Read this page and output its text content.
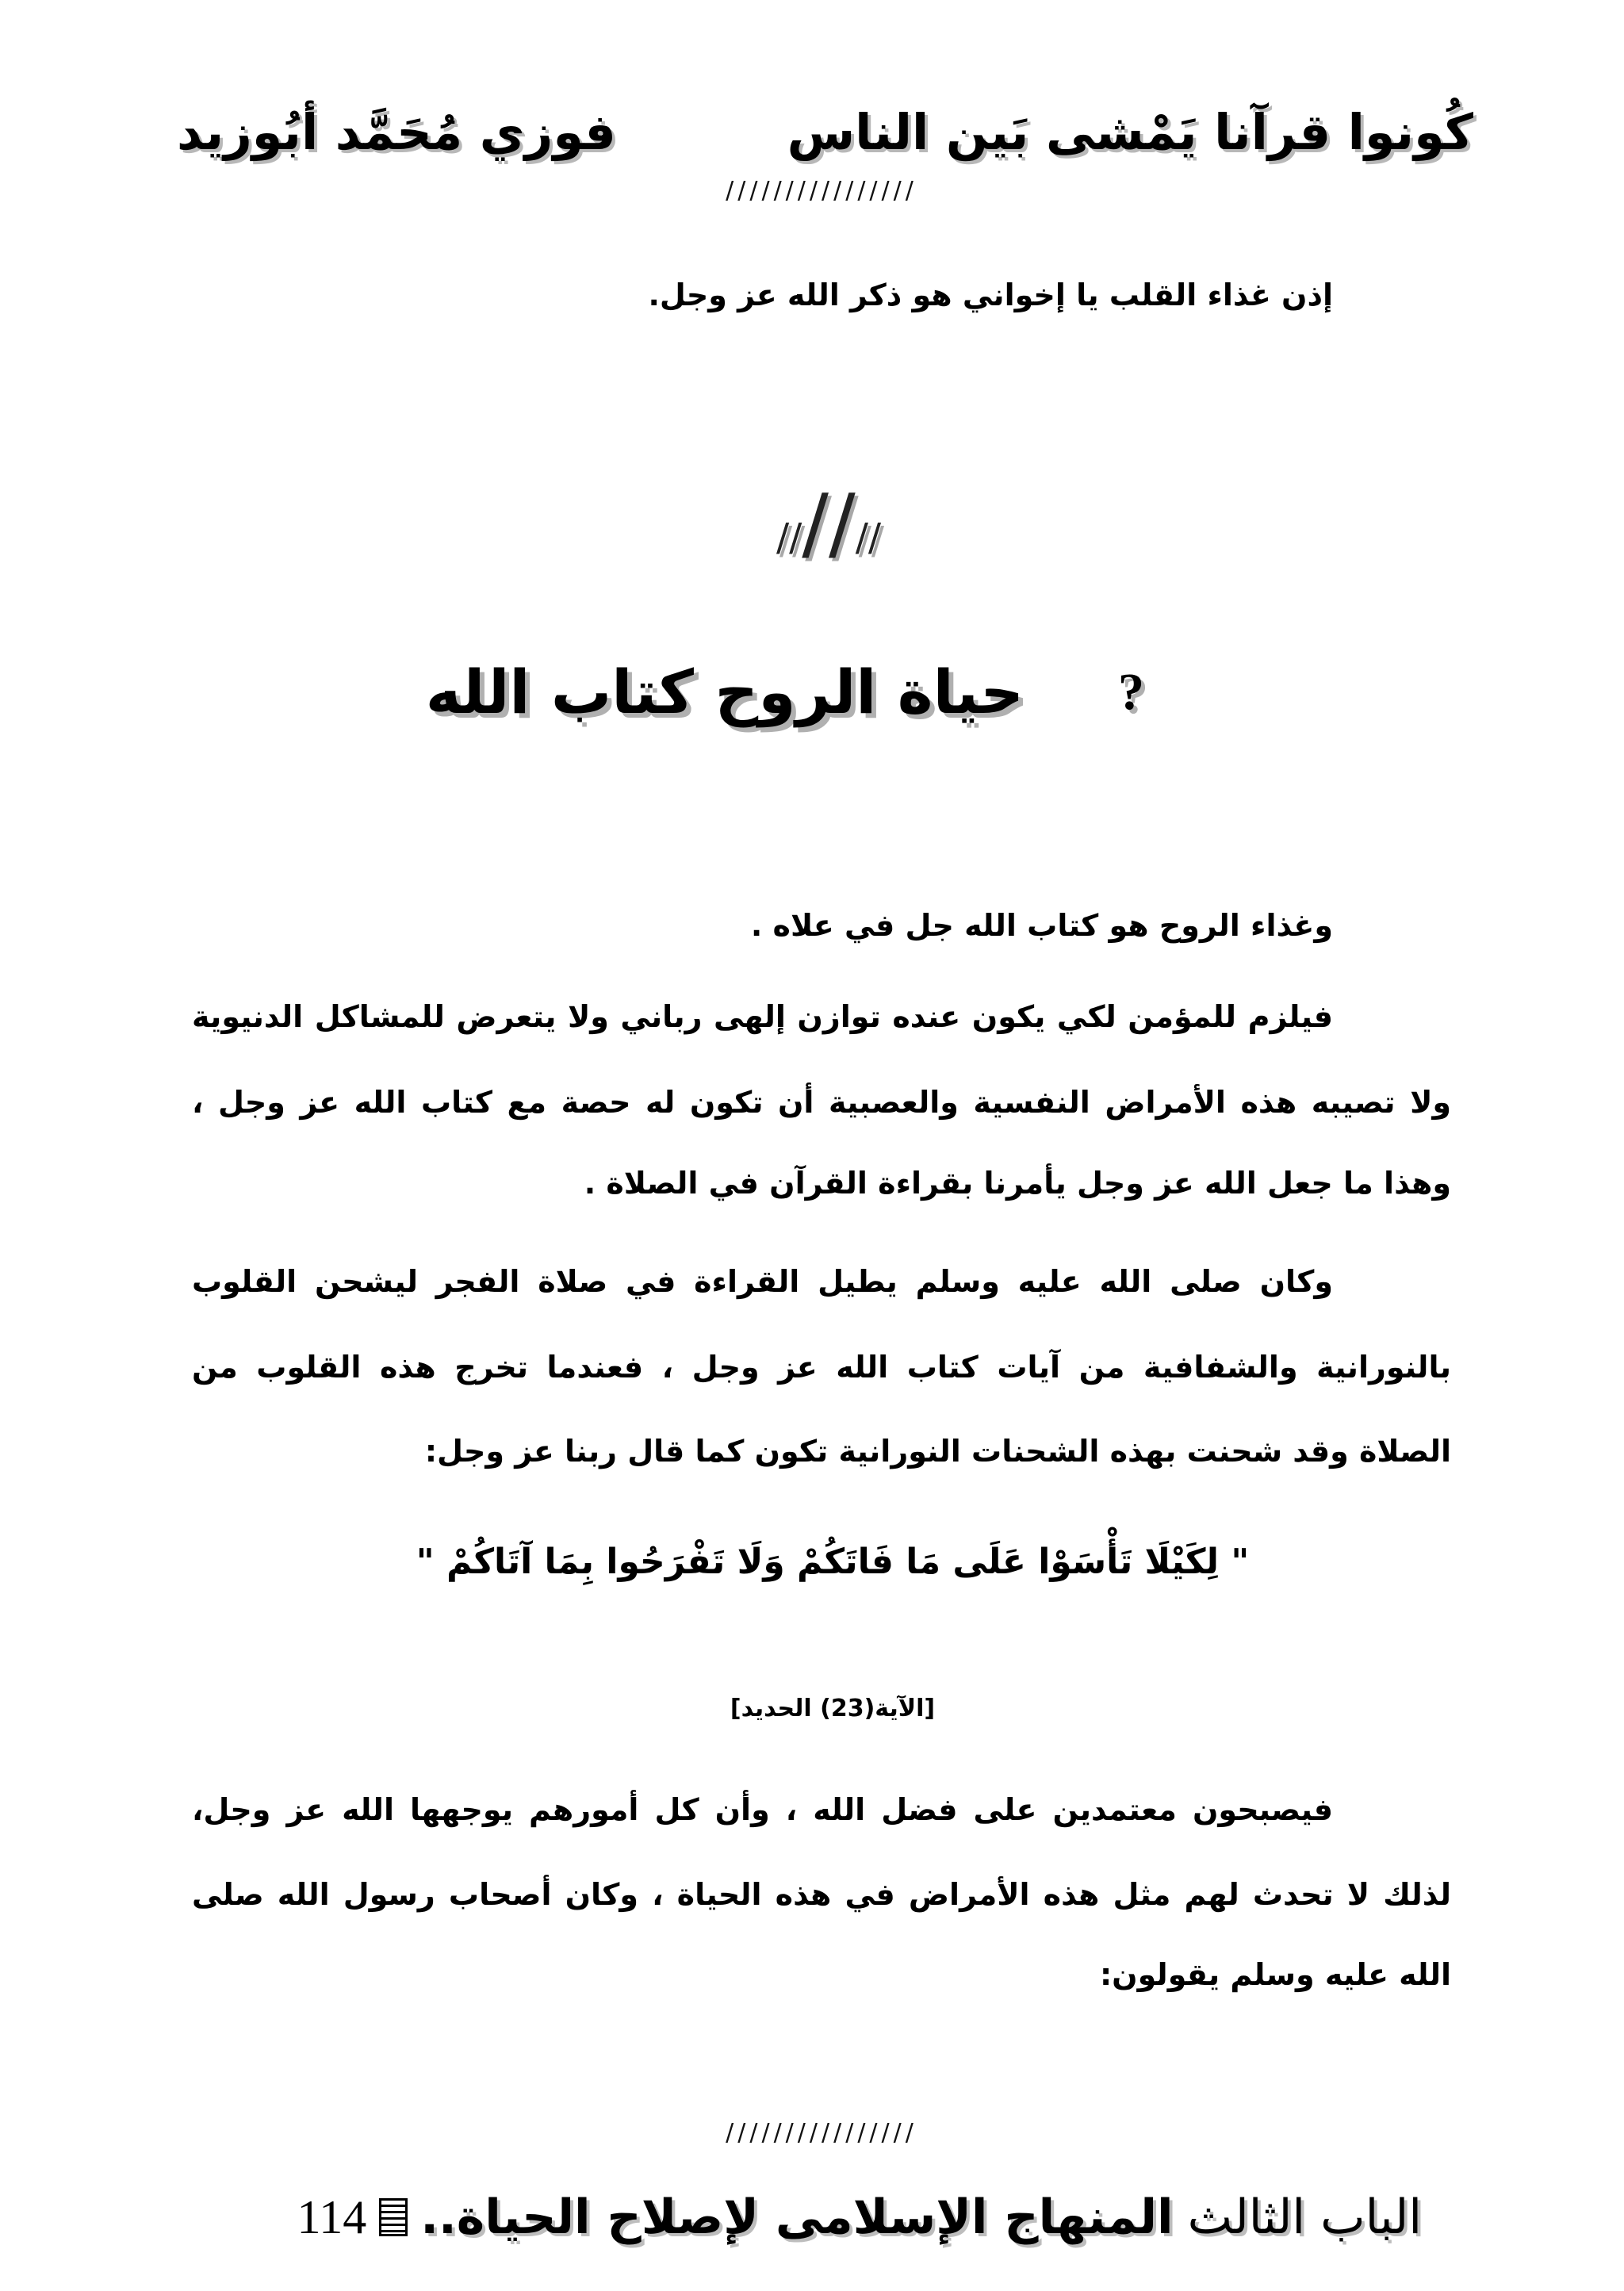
كُونوا قرآنا يَمْشى بَين الناس
فوزي مُحَمَّد أبُوزيد
////////////////
إذن غذاء القلب يا إخواني هو ذكر الله عز وجل.
//////
?
حياة الروح كتاب الله
وغذاء الروح هو كتاب الله جل في علاه .
فيلزم للمؤمن لكي يكون عنده توازن إلهى رباني ولا يتعرض للمشاكل الدنيوية
ولا تصيبه هذه الأمراض النفسية والعصبية أن تكون له حصة مع كتاب الله عز وجل ،
وهذا ما جعل الله عز وجل يأمرنا بقراءة القرآن في الصلاة .
وكان صلى الله عليه وسلم يطيل القراءة في صلاة الفجر ليشحن القلوب
بالنورانية والشفافية من آيات كتاب الله عز وجل ، فعندما تخرج هذه القلوب من
الصلاة وقد شحنت بهذه الشحنات النورانية تكون كما قال ربنا عز وجل:
" لِكَيْلَا تَأْسَوْا عَلَى مَا فَاتَكُمْ وَلَا تَفْرَحُوا بِمَا آتَاكُمْ "
[الآية(23) الحديد]
فيصبحون معتمدين على فضل الله ، وأن كل أمورهم يوجهها الله عز وجل،
لذلك لا تحدث لهم مثل هذه الأمراض في هذه الحياة ، وكان أصحاب رسول الله صلى
الله عليه وسلم يقولون:
////////////////
الباب الثالثالمنهاج الإسلامى لإصلاح الحياة..114
